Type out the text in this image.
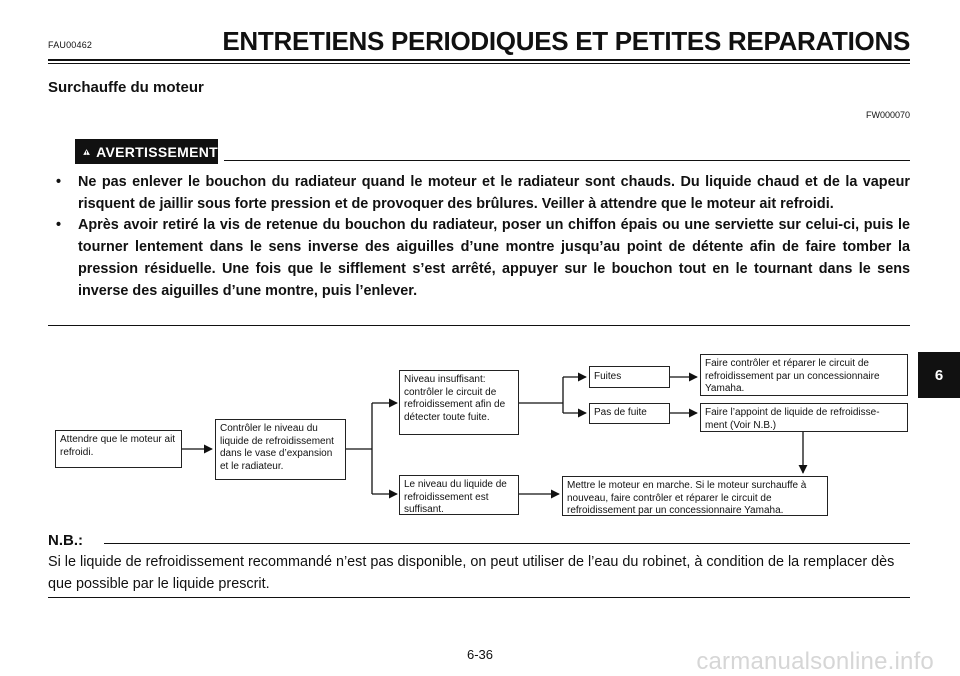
FAU00462	ENTRETIENS PERIODIQUES ET PETITES REPARATIONS
Surchauffe du moteur
FW000070
AVERTISSEMENT
• Ne pas enlever le bouchon du radiateur quand le moteur et le radiateur sont chauds. Du liquide chaud et de la vapeur risquent de jaillir sous forte pression et de provoquer des brûlures. Veiller à attendre que le moteur ait refroidi.
• Après avoir retiré la vis de retenue du bouchon du radiateur, poser un chiffon épais ou une serviette sur celui-ci, puis le tourner lentement dans le sens inverse des aiguilles d’une montre jusqu’au point de détente afin de faire tomber la pression résiduelle. Une fois que le sifflement s’est arrêté, appuyer sur le bouchon tout en le tournant dans le sens inverse des aiguilles d’une montre, puis l’enlever.
6
Attendre que le moteur ait refroidi.
Contrôler le niveau du liquide de refroidissement dans le vase d’expansion et le radiateur.
Niveau insuffisant: contrôler le circuit de refroidissement afin de détecter toute fuite.
Le niveau du liquide de refroidissement est suffisant.
Fuites
Pas de fuite
Faire contrôler et réparer le circuit de refroidissement par un concessionnaire Yamaha.
Faire l’appoint de liquide de refroidisse- ment (Voir N.B.)
Mettre le moteur en marche. Si le moteur surchauffe à nouveau, faire contrôler et réparer le circuit de refroidissement par un concessionnaire Yamaha.
N.B.:
Si le liquide de refroidissement recommandé n’est pas disponible, on peut utiliser de l’eau du robinet, à condition de la remplacer dès que possible par le liquide prescrit.
6-36	carmanualsonline.info
